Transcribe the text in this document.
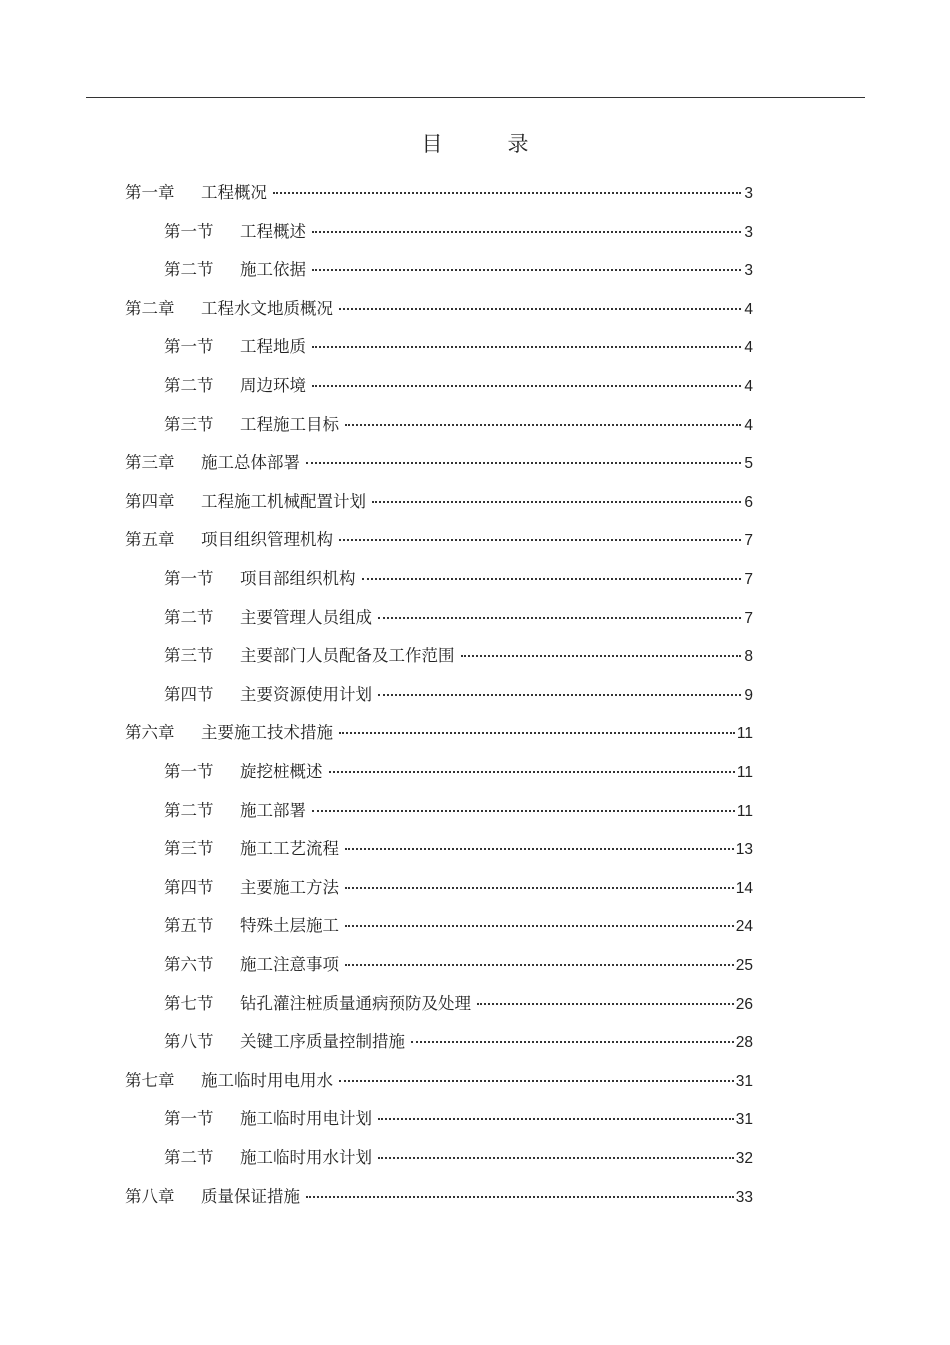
目　录
第一章	工程概况	3
第一节	工程概述	3
第二节	施工依据	3
第二章	工程水文地质概况	4
第一节	工程地质	4
第二节	周边环境	4
第三节	工程施工目标	4
第三章	施工总体部署	5
第四章	工程施工机械配置计划	6
第五章	项目组织管理机构	7
第一节	项目部组织机构	7
第二节	主要管理人员组成	7
第三节	主要部门人员配备及工作范围	8
第四节	主要资源使用计划	9
第六章	主要施工技术措施	11
第一节	旋挖桩概述	11
第二节	施工部署	11
第三节	施工工艺流程	13
第四节	主要施工方法	14
第五节	特殊土层施工	24
第六节	施工注意事项	25
第七节	钻孔灌注桩质量通病预防及处理	26
第八节	关键工序质量控制措施	28
第七章	施工临时用电用水	31
第一节	施工临时用电计划	31
第二节	施工临时用水计划	32
第八章	质量保证措施	33
